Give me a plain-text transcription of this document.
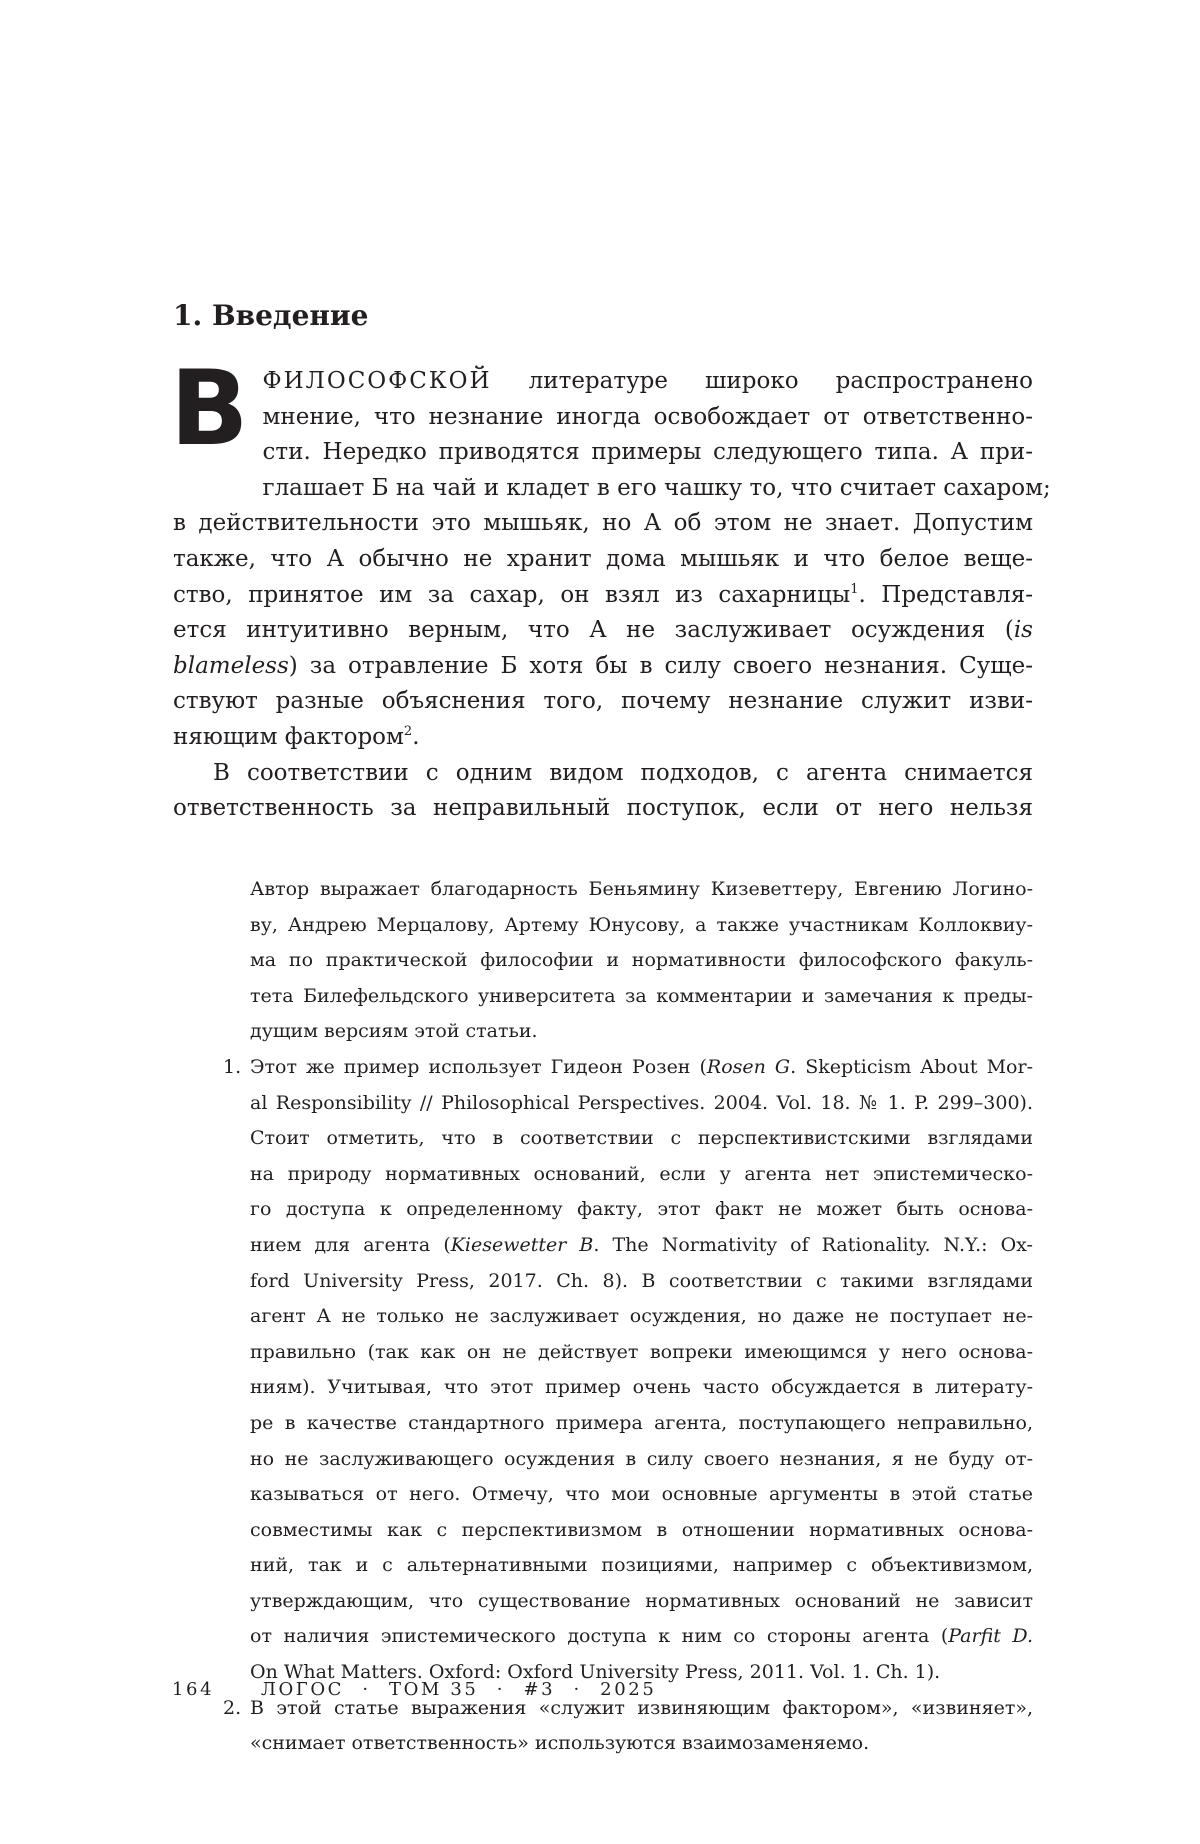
1. Введение
В ФИЛОСОФСКОЙ литературе широко распространено
мнение, что незнание иногда освобождает от ответственно-
сти. Нередко приводятся примеры следующего типа. А при-
глашает Б на чай и кладет в его чашку то, что считает сахаром;
в действительности это мышьяк, но А об этом не знает. Допустим
также, что А обычно не хранит дома мышьяк и что белое веще-
ство, принятое им за сахар, он взял из сахарницы$^1$. Представля-
ется интуитивно верным, что А не заслуживает осуждения (is
blameless) за отравление Б хотя бы в силу своего незнания. Суще-
ствуют разные объяснения того, почему незнание служит изви-
няющим фактором$^2$.
В соответствии с одним видом подходов, с агента снимается
ответственность за неправильный поступок, если от него нельзя
Автор выражает благодарность Беньямину Кизеветтеру, Евгению Логино-
ву, Андрею Мерцалову, Артему Юнусову, а также участникам Коллоквиу-
ма по практической философии и нормативности философского факуль-
тета Билефельдского университета за комментарии и замечания к преды-
дущим версиям этой статьи.
1. Этот же пример использует Гидеон Розен (Rosen G. Skepticism About Mor-
al Responsibility // Philosophical Perspectives. 2004. Vol. 18. № 1. P. 299–300).
Стоит отметить, что в соответствии с перспективистскими взглядами
на природу нормативных оснований, если у агента нет эпистемическо-
го доступа к определенному факту, этот факт не может быть основа-
нием для агента (Kiesewetter B. The Normativity of Rationality. N.Y.: Ox-
ford University Press, 2017. Ch. 8). В соответствии с такими взглядами
агент А не только не заслуживает осуждения, но даже не поступает не-
правильно (так как он не действует вопреки имеющимся у него основа-
ниям). Учитывая, что этот пример очень часто обсуждается в литерату-
ре в качестве стандартного примера агента, поступающего неправильно,
но не заслуживающего осуждения в силу своего незнания, я не буду от-
казываться от него. Отмечу, что мои основные аргументы в этой статье
совместимы как с перспективизмом в отношении нормативных основа-
ний, так и с альтернативными позициями, например с объективизмом,
утверждающим, что существование нормативных оснований не зависит
от наличия эпистемического доступа к ним со стороны агента (Parfit D.
On What Matters. Oxford: Oxford University Press, 2011. Vol. 1. Ch. 1).
2. В этой статье выражения «служит извиняющим фактором», «извиняет»,
«снимает ответственность» используются взаимозаменяемо.
164	ЛОГОС · ТОМ 35 · #3 · 2025
